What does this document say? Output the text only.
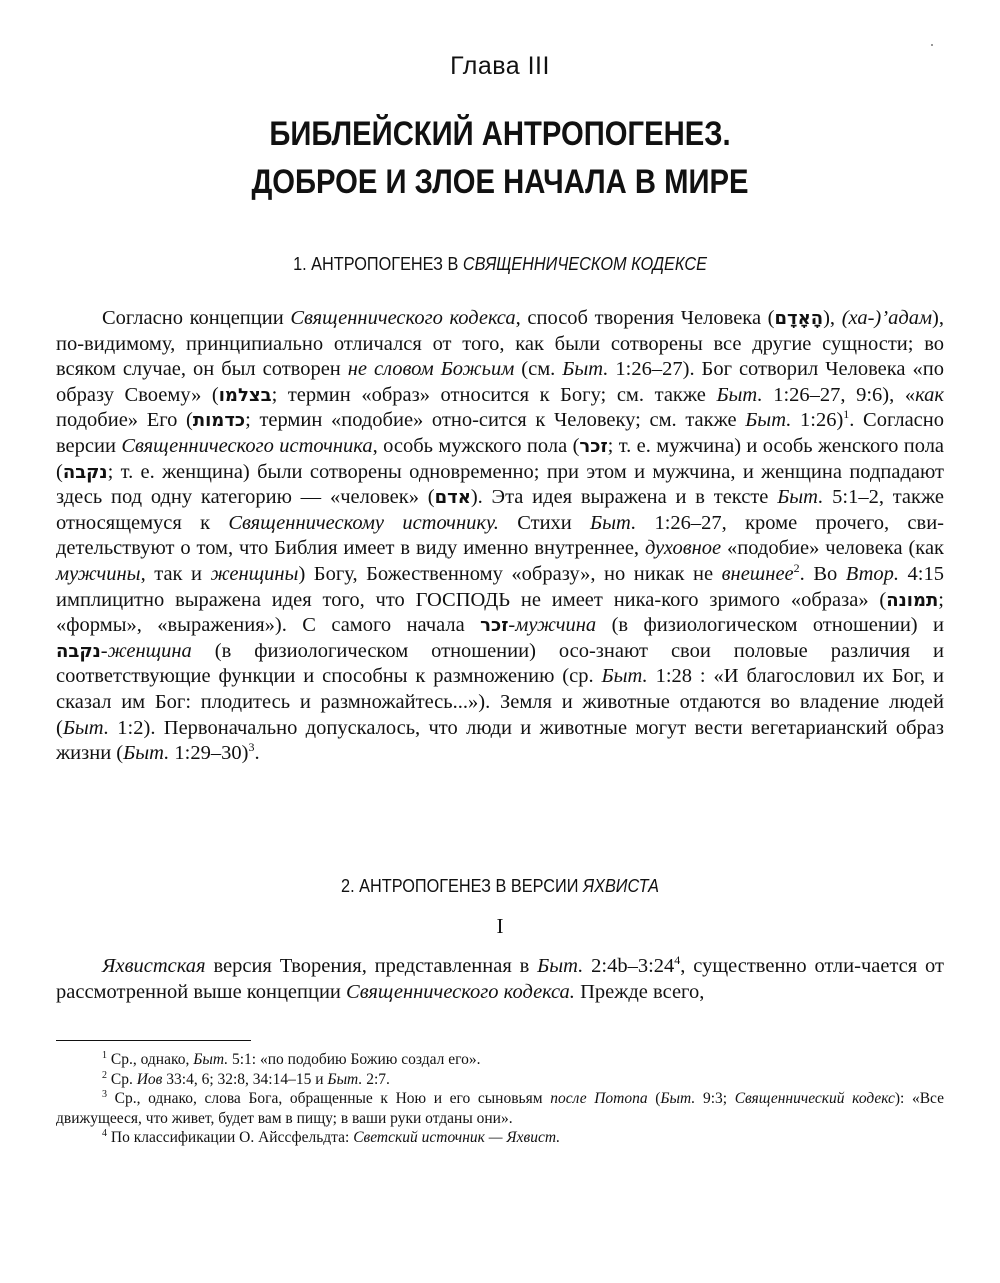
Глава III
БИБЛЕЙСКИЙ АНТРОПОГЕНЕЗ.
ДОБРОЕ И ЗЛОЕ НАЧАЛА В МИРЕ
1. АНТРОПОГЕНЕЗ В СВЯЩЕННИЧЕСКОМ КОДЕКСЕ

Согласно концепции Священнического кодекса, способ творения Человека (הָאָדָם), (ха-)’адам), по-видимому, принципиально отличался от того, как были сотворены все другие сущности; во всяком случае, он был сотворен не словом Божьим (см. Быт. 1:26–27). Бог сотворил Человека «по образу Своему» (בצלמו; термин «образ» относится к Богу; см. также Быт. 1:26–27, 9:6), «как подобие» Его (כדמות; термин «подобие» отно-сится к Человеку; см. также Быт. 1:26)$^1$. Согласно версии Священнического источника, особь мужского пола (זכר; т. е. мужчина) и особь женского пола (נקבה; т. е. женщина) были сотворены одновременно; при этом и мужчина, и женщина подпадают здесь под одну категорию — «человек» (אדם). Эта идея выражена и в тексте Быт. 5:1–2, также относящемуся к Священническому источнику. Стихи Быт. 1:26–27, кроме прочего, сви-детельствуют о том, что Библия имеет в виду именно внутреннее, духовное «подобие» человека (как мужчины, так и женщины) Богу, Божественному «образу», но никак не внешнее$^2$. Во Втор. 4:15 имплицитно выражена идея того, что ГОСПОДЬ не имеет ника-кого зримого «образа» (תמונה; «формы», «выражения»). С самого начала זכר-мужчина (в физиологическом отношении) и נקבה-женщина (в физиологическом отношении) осо-знают свои половые различия и соответствующие функции и способны к размножению (ср. Быт. 1:28 : «И благословил их Бог, и сказал им Бог: плодитесь и размножайтесь...»). Земля и животные отдаются во владение людей (Быт. 1:2). Первоначально допускалось, что люди и животные могут вести вегетарианский образ жизни (Быт. 1:29–30)$^3$.

2. АНТРОПОГЕНЕЗ В ВЕРСИИ ЯХВИСТА
I

Яхвистская версия Творения, представленная в Быт. $2:4b-3:24^4$, существенно отли-чается от рассмотренной выше концепции Священнического кодекса. Прежде всего,

$^1$ Ср., однако, Быт. 5:1: «по подобию Божию создал его».

$^2$ Ср. Иов 33:4, 6; 32:8, 34:14–15 и Быт. 2:7.

$^3$ Ср., однако, слова Бога, обращенные к Ною и его сыновьям после Потопа (Быт. 9:3; Священнический кодекс): «Все движущееся, что живет, будет вам в пищу; в ваши руки отданы они».

$^4$ По классификации О. Айссфельдта: Светский источник — Яхвист.
